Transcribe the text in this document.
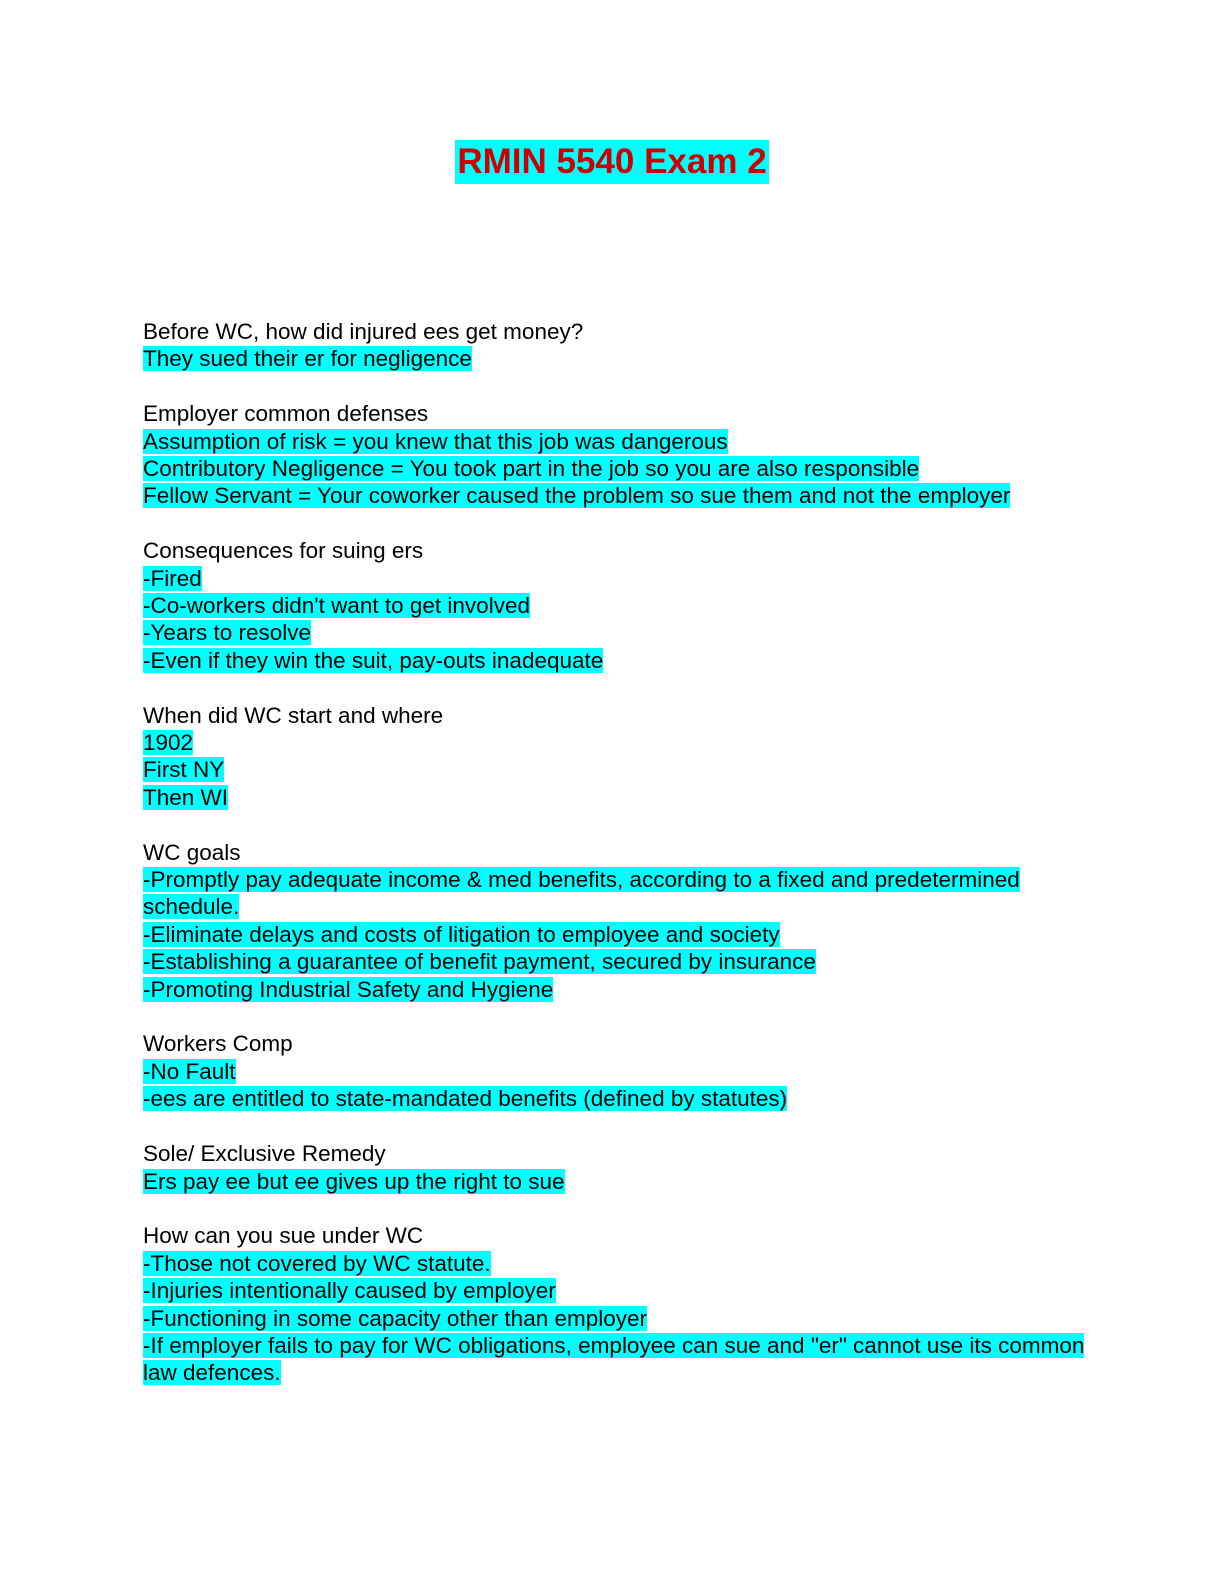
RMIN 5540 Exam 2
Before WC, how did injured ees get money?
They sued their er for negligence
Employer common defenses
Assumption of risk = you knew that this job was dangerous
Contributory Negligence = You took part in the job so you are also responsible
Fellow Servant = Your coworker caused the problem so sue them and not the employer
Consequences for suing ers
-Fired
-Co-workers didn't want to get involved
-Years to resolve
-Even if they win the suit, pay-outs inadequate
When did WC start and where
1902
First NY
Then WI
WC goals
-Promptly pay adequate income & med benefits, according to a fixed and predetermined schedule.
-Eliminate delays and costs of litigation to employee and society
-Establishing a guarantee of benefit payment, secured by insurance
-Promoting Industrial Safety and Hygiene
Workers Comp
-No Fault
-ees are entitled to state-mandated benefits (defined by statutes)
Sole/ Exclusive Remedy
Ers pay ee but ee gives up the right to sue
How can you sue under WC
-Those not covered by WC statute.
-Injuries intentionally caused by employer
-Functioning in some capacity other than employer
-If employer fails to pay for WC obligations, employee can sue and "er" cannot use its common law defences.
